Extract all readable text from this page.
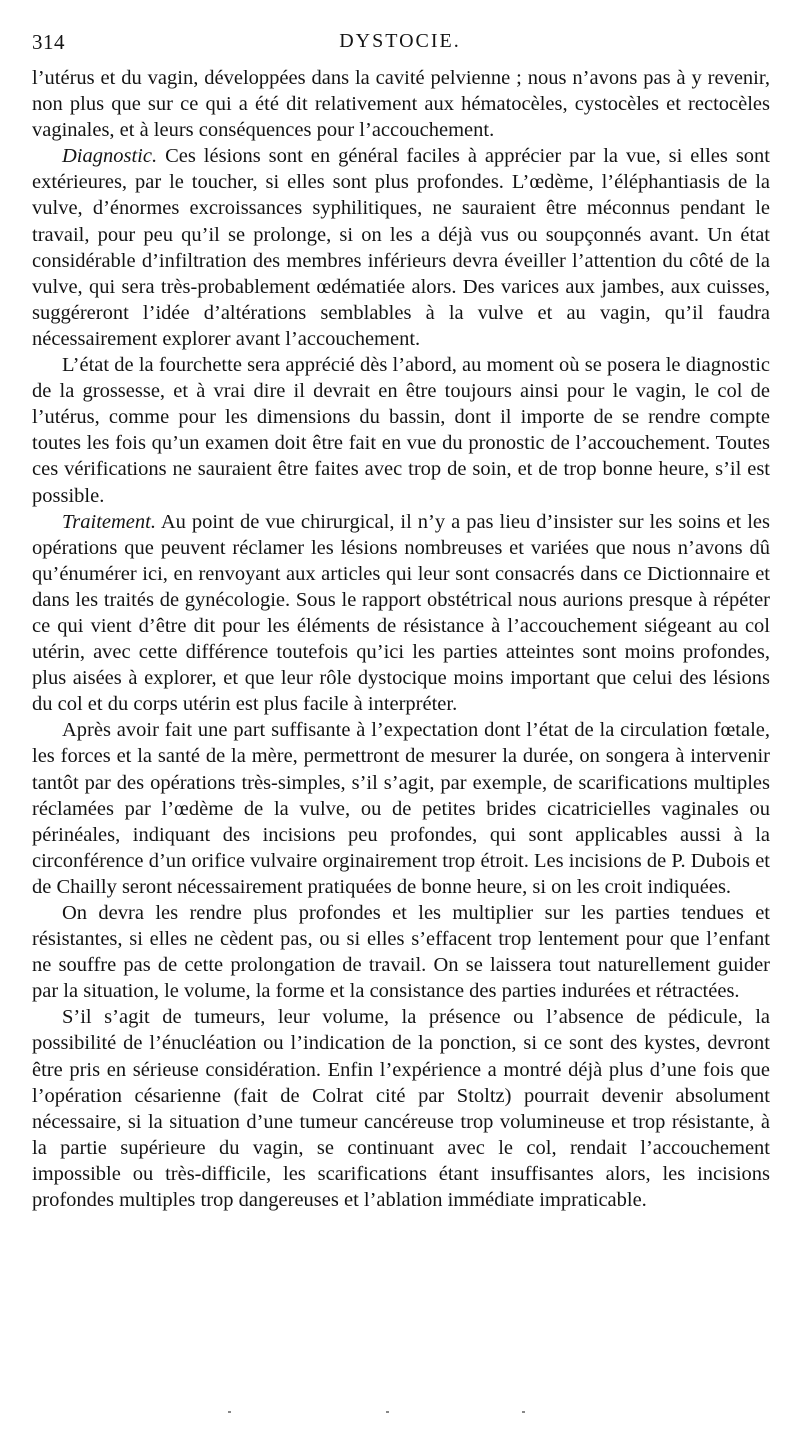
314	DYSTOCIE.

l’utérus et du vagin, développées dans la cavité pelvienne ; nous n’avons pas à y revenir, non plus que sur ce qui a été dit relativement aux hématocèles, cystocèles et rectocèles vaginales, et à leurs conséquences pour l’accouchement.

Diagnostic. Ces lésions sont en général faciles à apprécier par la vue, si elles sont extérieures, par le toucher, si elles sont plus profondes. L’œdème, l’éléphantiasis de la vulve, d’énormes excroissances syphilitiques, ne sauraient être méconnus pendant le travail, pour peu qu’il se prolonge, si on les a déjà vus ou soupçonnés avant. Un état considérable d’infiltration des membres inférieurs devra éveiller l’attention du côté de la vulve, qui sera très-probablement œdématiée alors. Des varices aux jambes, aux cuisses, suggéreront l’idée d’altérations semblables à la vulve et au vagin, qu’il faudra nécessairement explorer avant l’accouchement.

L’état de la fourchette sera apprécié dès l’abord, au moment où se posera le diagnostic de la grossesse, et à vrai dire il devrait en être toujours ainsi pour le vagin, le col de l’utérus, comme pour les dimensions du bassin, dont il importe de se rendre compte toutes les fois qu’un examen doit être fait en vue du pronostic de l’accouchement. Toutes ces vérifications ne sauraient être faites avec trop de soin, et de trop bonne heure, s’il est possible.

Traitement. Au point de vue chirurgical, il n’y a pas lieu d’insister sur les soins et les opérations que peuvent réclamer les lésions nombreuses et variées que nous n’avons dû qu’énumérer ici, en renvoyant aux articles qui leur sont consacrés dans ce Dictionnaire et dans les traités de gynécologie. Sous le rapport obstétrical nous aurions presque à répéter ce qui vient d’être dit pour les éléments de résistance à l’accouchement siégeant au col utérin, avec cette différence toutefois qu’ici les parties atteintes sont moins profondes, plus aisées à explorer, et que leur rôle dystocique moins important que celui des lésions du col et du corps utérin est plus facile à interpréter.

Après avoir fait une part suffisante à l’expectation dont l’état de la circulation fœtale, les forces et la santé de la mère, permettront de mesurer la durée, on songera à intervenir tantôt par des opérations très-simples, s’il s’agit, par exemple, de scarifications multiples réclamées par l’œdème de la vulve, ou de petites brides cicatricielles vaginales ou périnéales, indiquant des incisions peu profondes, qui sont applicables aussi à la circonférence d’un orifice vulvaire orginairement trop étroit. Les incisions de P. Dubois et de Chailly seront nécessairement pratiquées de bonne heure, si on les croit indiquées.

On devra les rendre plus profondes et les multiplier sur les parties tendues et résistantes, si elles ne cèdent pas, ou si elles s’effacent trop lentement pour que l’enfant ne souffre pas de cette prolongation de travail. On se laissera tout naturellement guider par la situation, le volume, la forme et la consistance des parties indurées et rétractées.

S’il s’agit de tumeurs, leur volume, la présence ou l’absence de pédicule, la possibilité de l’énucléation ou l’indication de la ponction, si ce sont des kystes, devront être pris en sérieuse considération. Enfin l’expérience a montré déjà plus d’une fois que l’opération césarienne (fait de Colrat cité par Stoltz) pourrait devenir absolument nécessaire, si la situation d’une tumeur cancéreuse trop volumineuse et trop résistante, à la partie supérieure du vagin, se continuant avec le col, rendait l’accouchement impossible ou très-difficile, les scarifications étant insuffisantes alors, les incisions profondes multiples trop dangereuses et l’ablation immédiate impraticable.
